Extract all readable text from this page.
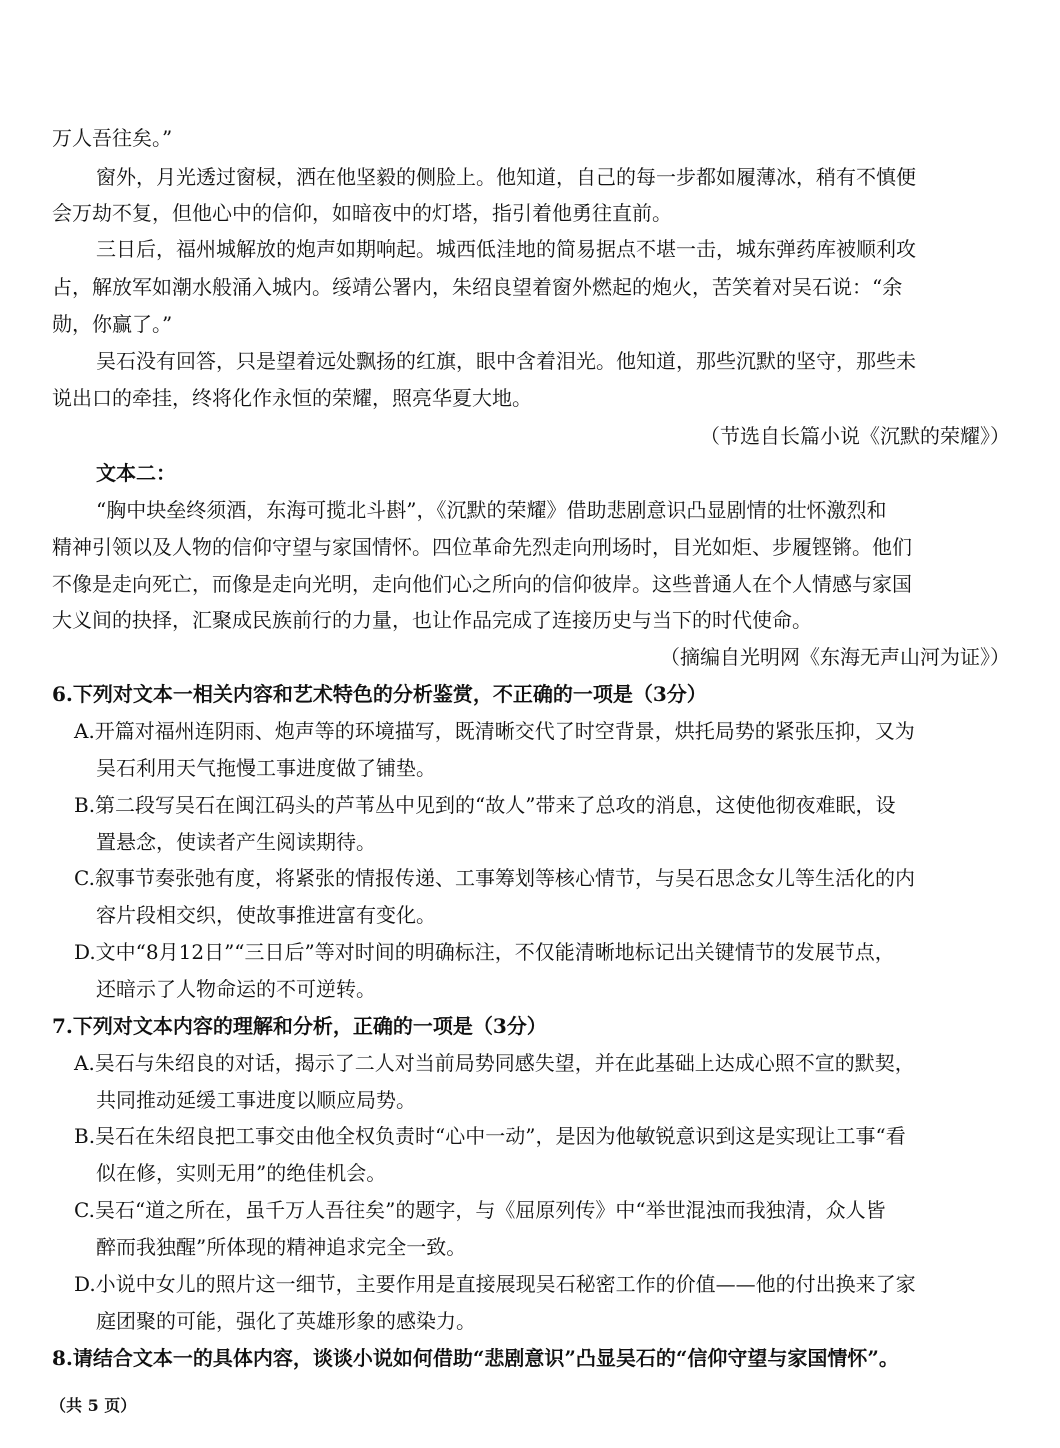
万人吾往矣。”
窗外，月光透过窗棂，洒在他坚毅的侧脸上。他知道，自己的每一步都如履薄冰，稍有不慎便
会万劫不复，但他心中的信仰，如暗夜中的灯塔，指引着他勇往直前。
三日后，福州城解放的炮声如期响起。城西低洼地的简易据点不堪一击，城东弹药库被顺利攻
占，解放军如潮水般涌入城内。绥靖公署内，朱绍良望着窗外燃起的炮火，苦笑着对吴石说：“余
勋，你赢了。”
吴石没有回答，只是望着远处飘扬的红旗，眼中含着泪光。他知道，那些沉默的坚守，那些未
说出口的牵挂，终将化作永恒的荣耀，照亮华夏大地。
（节选自长篇小说《沉默的荣耀》）
文本二：
“胸中块垒终须酒，东海可揽北斗斟”，《沉默的荣耀》借助悲剧意识凸显剧情的壮怀激烈和
精神引领以及人物的信仰守望与家国情怀。四位革命先烈走向刑场时，目光如炬、步履铿锵。他们
不像是走向死亡，而像是走向光明，走向他们心之所向的信仰彼岸。这些普通人在个人情感与家国
大义间的抉择，汇聚成民族前行的力量，也让作品完成了连接历史与当下的时代使命。
（摘编自光明网《东海无声山河为证》）
6.下列对文本一相关内容和艺术特色的分析鉴赏，不正确的一项是（3分）
A.开篇对福州连阴雨、炮声等的环境描写，既清晰交代了时空背景，烘托局势的紧张压抑，又为
吴石利用天气拖慢工事进度做了铺垫。
B.第二段写吴石在闽江码头的芦苇丛中见到的“故人”带来了总攻的消息，这使他彻夜难眠，设
置悬念，使读者产生阅读期待。
C.叙事节奏张弛有度，将紧张的情报传递、工事筹划等核心情节，与吴石思念女儿等生活化的内
容片段相交织，使故事推进富有变化。
D.文中“8月12日”“三日后”等对时间的明确标注，不仅能清晰地标记出关键情节的发展节点，
还暗示了人物命运的不可逆转。
7.下列对文本内容的理解和分析，正确的一项是（3分）
A.吴石与朱绍良的对话，揭示了二人对当前局势同感失望，并在此基础上达成心照不宣的默契，
共同推动延缓工事进度以顺应局势。
B.吴石在朱绍良把工事交由他全权负责时“心中一动”，是因为他敏锐意识到这是实现让工事“看
似在修，实则无用”的绝佳机会。
C.吴石“道之所在，虽千万人吾往矣”的题字，与《屈原列传》中“举世混浊而我独清，众人皆
醉而我独醒”所体现的精神追求完全一致。
D.小说中女儿的照片这一细节，主要作用是直接展现吴石秘密工作的价值——他的付出换来了家
庭团聚的可能，强化了英雄形象的感染力。
8.请结合文本一的具体内容，谈谈小说如何借助“悲剧意识”凸显吴石的“信仰守望与家国情怀”。
（共 5 页）
